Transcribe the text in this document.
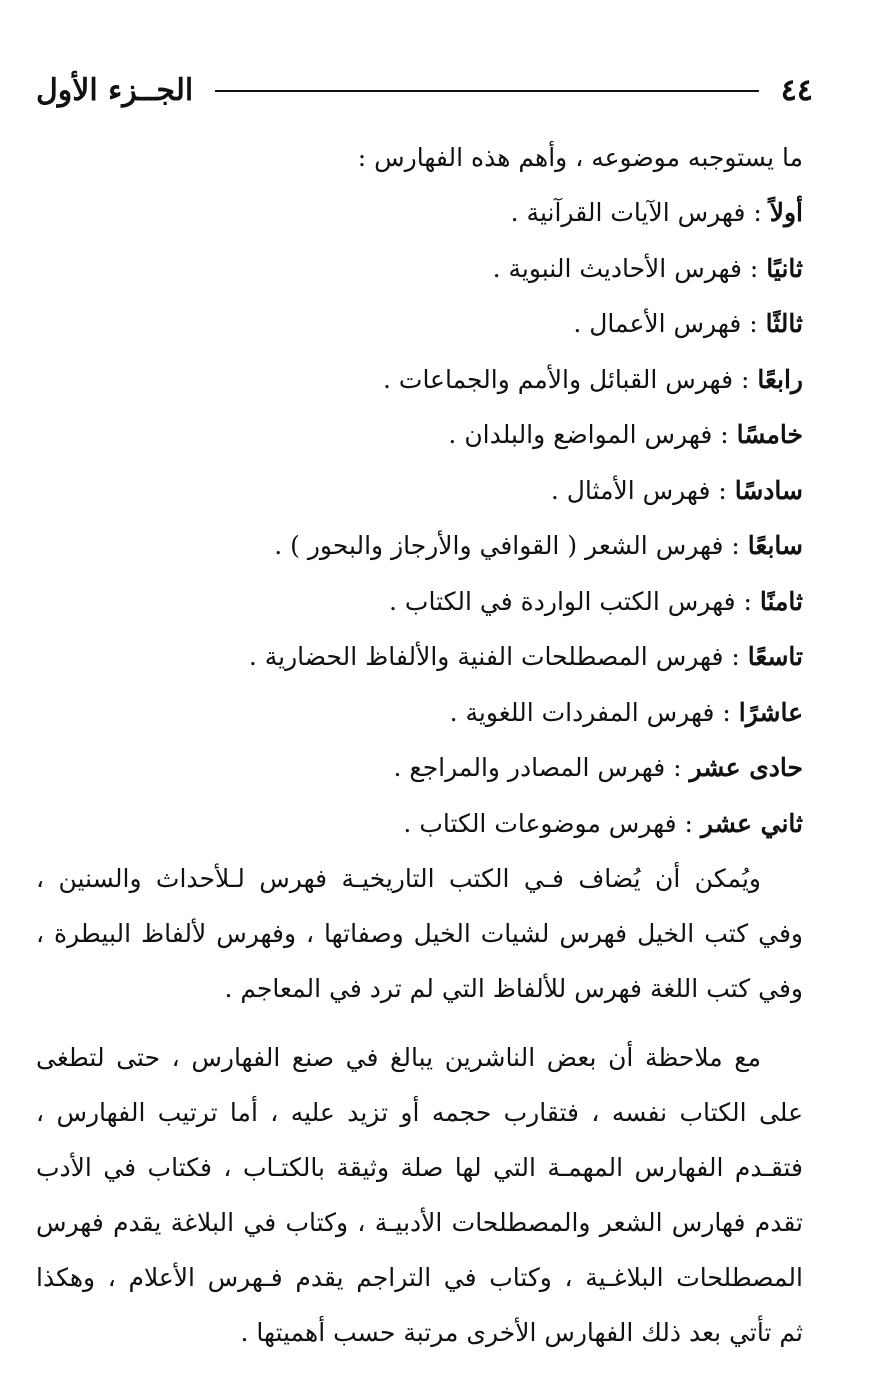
٤٤
الجــزء الأول
ما يستوجبه موضوعه ، وأهم هذه الفهارس :
أولاً : فهرس الآيات القرآنية .
ثانيًا : فهرس الأحاديث النبوية .
ثالثًا : فهرس الأعمال .
رابعًا : فهرس القبائل والأمم والجماعات .
خامسًا : فهرس المواضع والبلدان .
سادسًا : فهرس الأمثال .
سابعًا : فهرس الشعر ( القوافي والأرجاز والبحور ) .
ثامنًا : فهرس الكتب الواردة في الكتاب .
تاسعًا : فهرس المصطلحات الفنية والألفاظ الحضارية .
عاشرًا : فهرس المفردات اللغوية .
حادى عشر : فهرس المصادر والمراجع .
ثاني عشر : فهرس موضوعات الكتاب .
ويُمكن أن يُضاف فـي الكتب التاريخيـة فهرس لـلأحداث والسنين ،
وفي كتب الخيل فهرس لشيات الخيل وصفاتها ، وفهرس لألفاظ البيطرة ،
وفي كتب اللغة فهرس للألفاظ التي لم ترد في المعاجم .
مع ملاحظة أن بعض الناشرين يبالغ في صنع الفهارس ، حتى لتطغى
على الكتاب نفسه ، فتقارب حجمه أو تزيد عليه ، أما ترتيب الفهارس ،
فتقـدم الفهارس المهمـة التي لها صلة وثيقة بالكتـاب ، فكتاب في الأدب
تقدم فهارس الشعر والمصطلحات الأدبيـة ، وكتاب في البلاغة يقدم فهرس
المصطلحات البلاغـية ، وكتاب في التراجم يقدم فـهرس الأعلام ، وهكذا
ثم تأتي بعد ذلك الفهارس الأخرى مرتبة حسب أهميتها .
